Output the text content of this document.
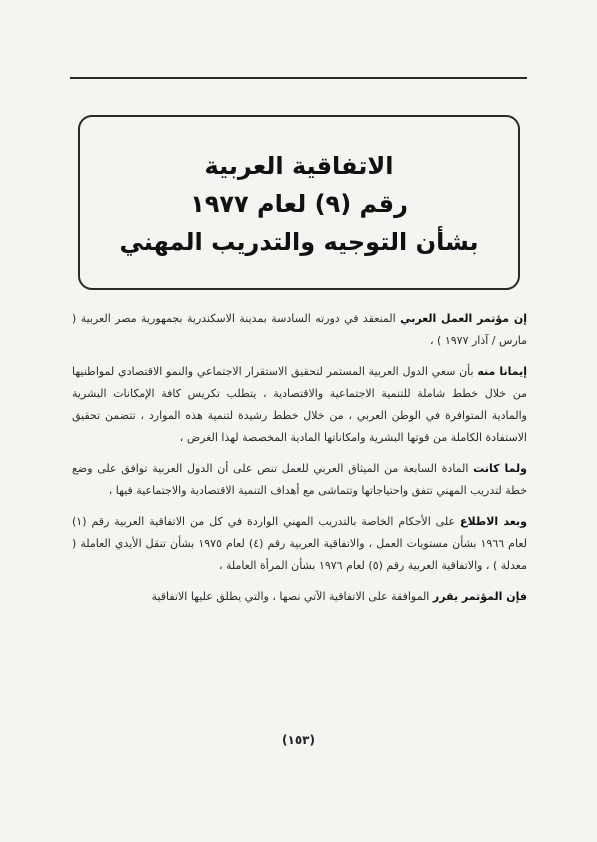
الاتفاقية العربية
رقم (٩) لعام ١٩٧٧
بشأن التوجيه والتدريب المهني

إن مؤتمر العمل العربي المنعقد في دورته السادسة بمدينة الاسكندرية بجمهورية مصر العربية ( مارس / آذار ١٩٧٧ ) ،

إيمانا منه بأن سعي الدول العربية المستمر لتحقيق الاستقرار الاجتماعي والنمو الاقتصادي لمواطنيها من خلال خطط شاملة للتنمية الاجتماعية والاقتصادية ، يتطلب تكريس كافة الإمكانات البشرية والمادية المتوافرة في الوطن العربي ، من خلال خطط رشيدة لتنمية هذه الموارد ، تتضمن تحقيق الاستفادة الكاملة من قوتها البشرية وامكاناتها المادية المخصصة لهذا الغرض ،

ولما كانت المادة السابعة من الميثاق العربي للعمل تنص على أن الدول العربية توافق على وضع خطة لتدريب المهني تتفق واحتياجاتها وتتماشى مع أهداف التنمية الاقتصادية والاجتماعية فيها ،

وبعد الاطلاع على الأحكام الخاصة بالتدريب المهني الواردة في كل من الاتفاقية العربية رقم (١) لعام ١٩٦٦ بشأن مستويات العمل ، والاتفاقية العربية رقم (٤) لعام ١٩٧٥ بشأن تنقل الأيدي العاملة ( معدلة ) ، والاتفاقية العربية رقم (٥) لعام ١٩٧٦ بشأن المرأة العاملة ،

فإن المؤتمر يقرر الموافقة على الاتفاقية الآتي نصها ، والتي يطلق عليها الاتفاقية

(١٥٣)
